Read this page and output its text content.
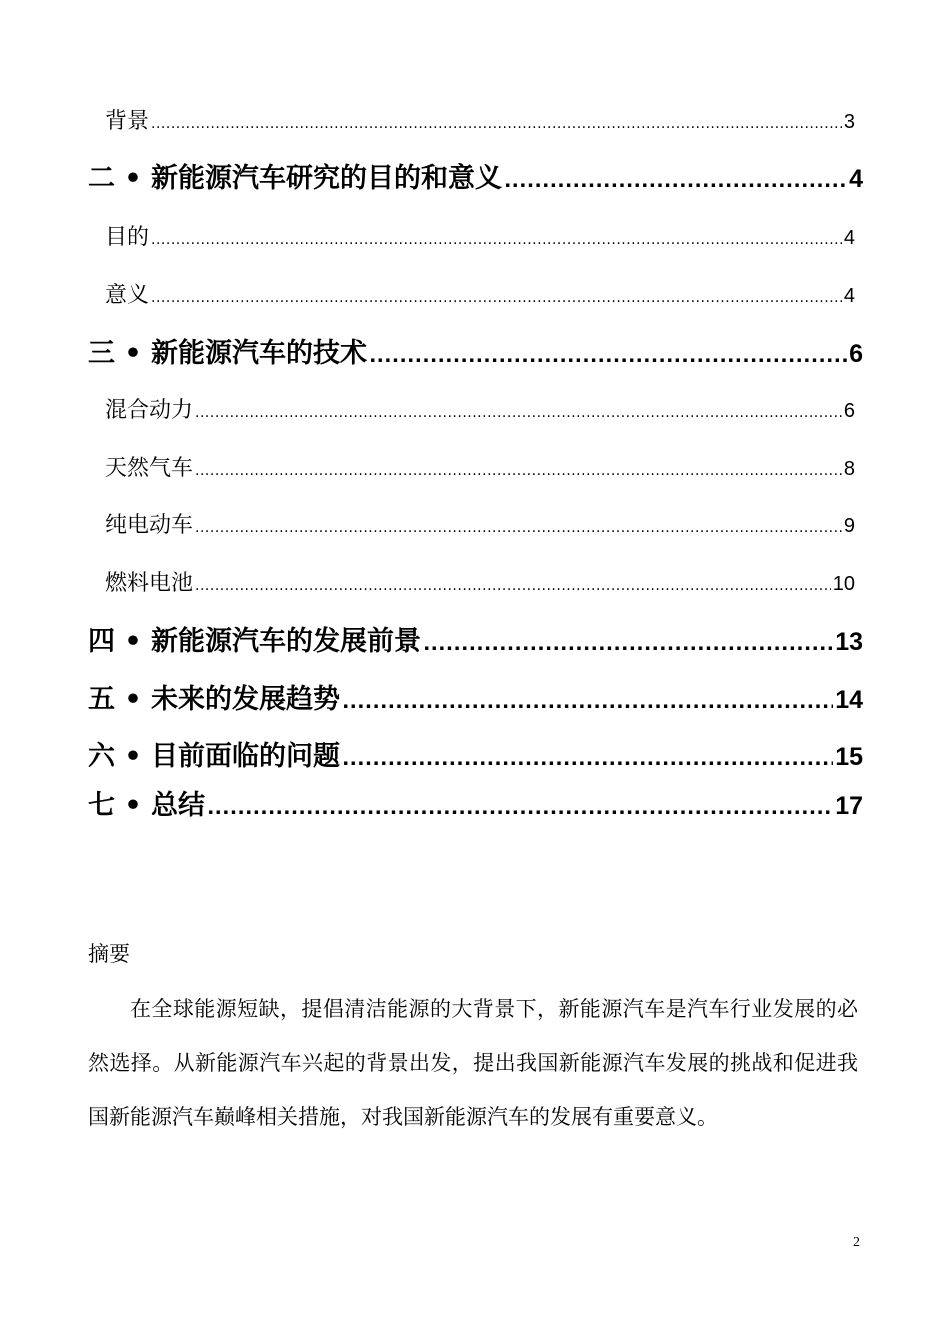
背景 .....	3
二 • 新能源汽车研究的目的和意义 .....	4
目的 .....	4
意义 .....	4
三 • 新能源汽车的技术 .....	6
混合动力 .....	6
天然气车 .....	8
纯电动车 .....	9
燃料电池 .....	10
四 • 新能源汽车的发展前景 .....	13
五 • 未来的发展趋势 .....	14
六 • 目前面临的问题 .....	15
七 • 总结 .....	17
摘要

在全球能源短缺，提倡清洁能源的大背景下，新能源汽车是汽车行业发展的必然选择。从新能源汽车兴起的背景出发，提出我国新能源汽车发展的挑战和促进我国新能源汽车巅峰相关措施，对我国新能源汽车的发展有重要意义。

2
